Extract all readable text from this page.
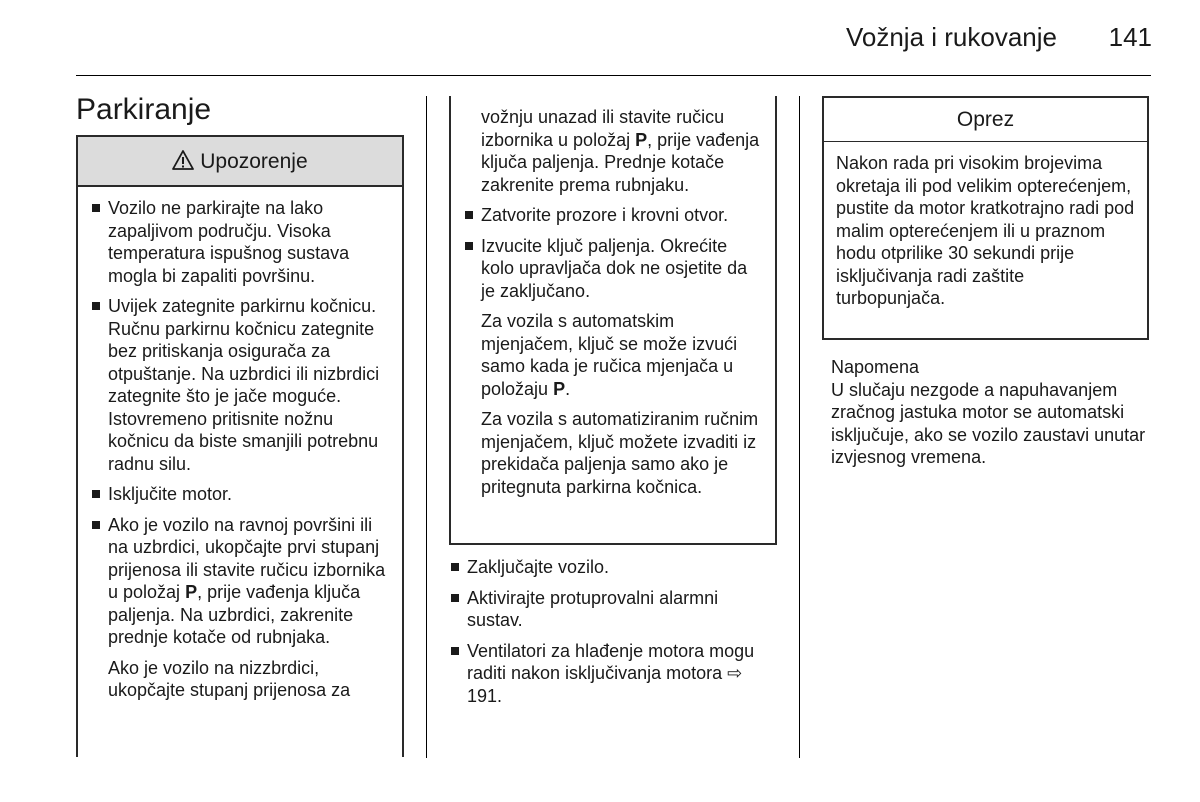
Vožnja i rukovanje 141
Parkiranje
Upozorenje
Vozilo ne parkirajte na lako zapaljivom području. Visoka temperatura ispušnog sustava mogla bi zapaliti površinu.
Uvijek zategnite parkirnu kočnicu. Ručnu parkirnu kočnicu zategnite bez pritiskanja osigurača za otpuštanje. Na uzbrdici ili nizbrdici zategnite što je jače moguće. Istovremeno pritisnite nožnu kočnicu da biste smanjili potrebnu radnu silu.
Isključite motor.
Ako je vozilo na ravnoj površini ili na uzbrdici, ukopčajte prvi stupanj prijenosa ili stavite ručicu izbornika u položaj P, prije vađenja ključa paljenja. Na uzbrdici, zakrenite prednje kotače od rubnjaka.
Ako je vozilo na nizzbrdici, ukopčajte stupanj prijenosa za
vožnju unazad ili stavite ručicu izbornika u položaj P, prije vađenja ključa paljenja. Prednje kotače zakrenite prema rubnjaku.
Zatvorite prozore i krovni otvor.
Izvucite ključ paljenja. Okrećite kolo upravljača dok ne osjetite da je zaključano.
Za vozila s automatskim mjenjačem, ključ se može izvući samo kada je ručica mjenjača u položaju P.
Za vozila s automatiziranim ručnim mjenjačem, ključ možete izvaditi iz prekidača paljenja samo ako je pritegnuta parkirna kočnica.
Zaključajte vozilo.
Aktivirajte protuprovalni alarmni sustav.
Ventilatori za hlađenje motora mogu raditi nakon isključivanja motora ⇨ 191.
Oprez
Nakon rada pri visokim brojevima okretaja ili pod velikim opterećenjem, pustite da motor kratkotrajno radi pod malim opterećenjem ili u praznom hodu otprilike 30 sekundi prije isključivanja radi zaštite turbopunjača.

Napomena

U slučaju nezgode a napuhavanjem zračnog jastuka motor se automatski isključuje, ako se vozilo zaustavi unutar izvjesnog vremena.
